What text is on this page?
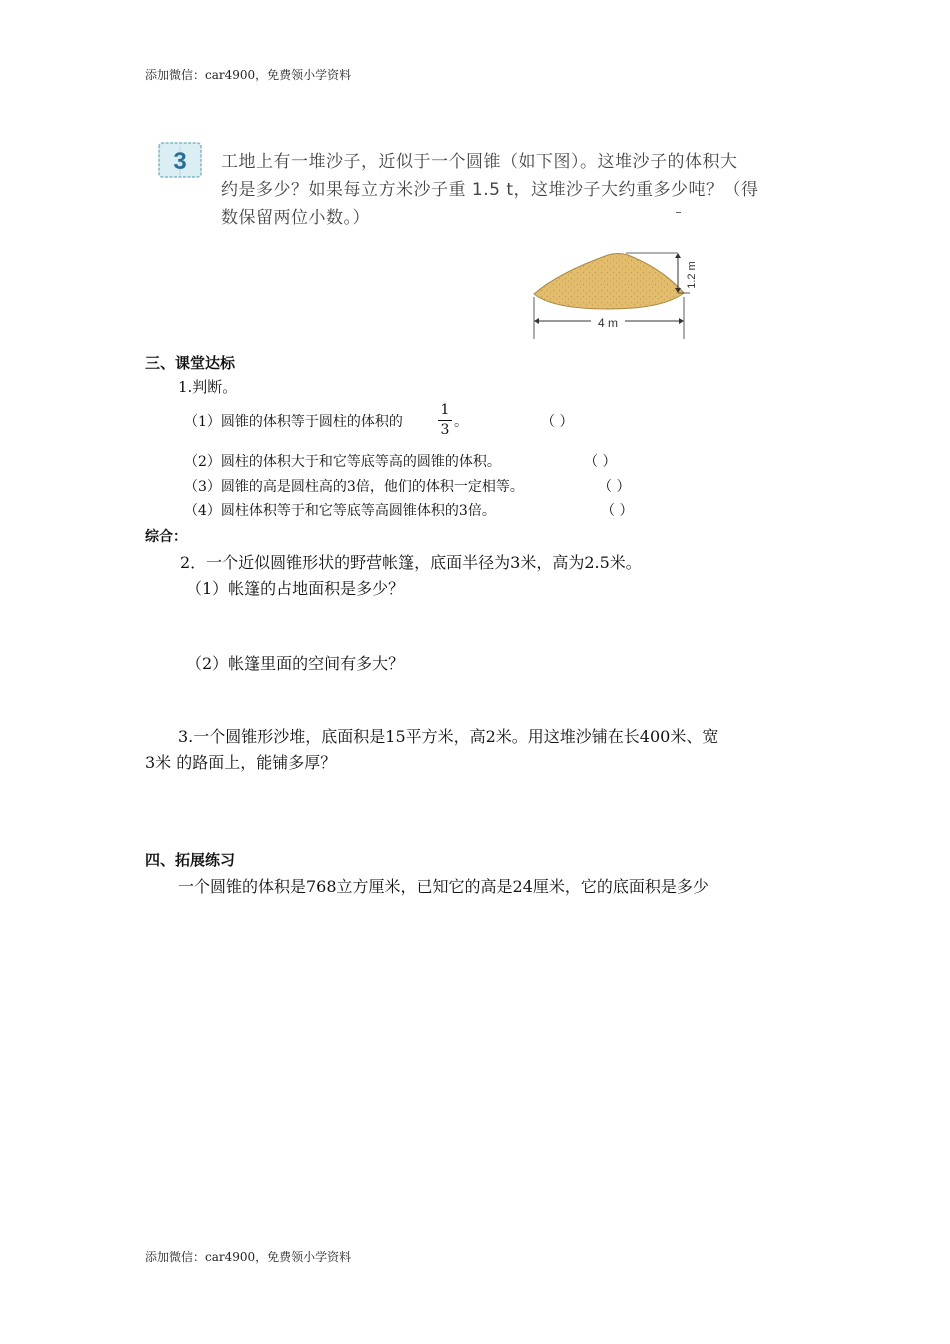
添加微信：car4900，免费领小学资料
3 工地上有一堆沙子，近似于一个圆锥（如下图）。这堆沙子的体积大
约是多少？如果每立方米沙子重 1.5 t，这堆沙子大约重多少吨？（得
数保留两位小数。）
1.2 m
4 m
三、课堂达标
1.判断。
（1）圆锥的体积等于圆柱的体积的	$\frac{1}{3}$ 。	（ ）
（2）圆柱的体积大于和它等底等高的圆锥的体积。	（ ）
（3）圆锥的高是圆柱高的3倍，他们的体积一定相等。	（ ）
（4）圆柱体积等于和它等底等高圆锥体积的3倍。	（ ）
综合：
2．一个近似圆锥形状的野营帐篷，底面半径为3米，高为2.5米。
（1）帐篷的占地面积是多少？
（2）帐篷里面的空间有多大？
3.一个圆锥形沙堆，底面积是15平方米，高2米。用这堆沙铺在长400米、宽
3米 的路面上，能铺多厚？
四、拓展练习
一个圆锥的体积是768立方厘米，已知它的高是24厘米，它的底面积是多少
添加微信：car4900，免费领小学资料
